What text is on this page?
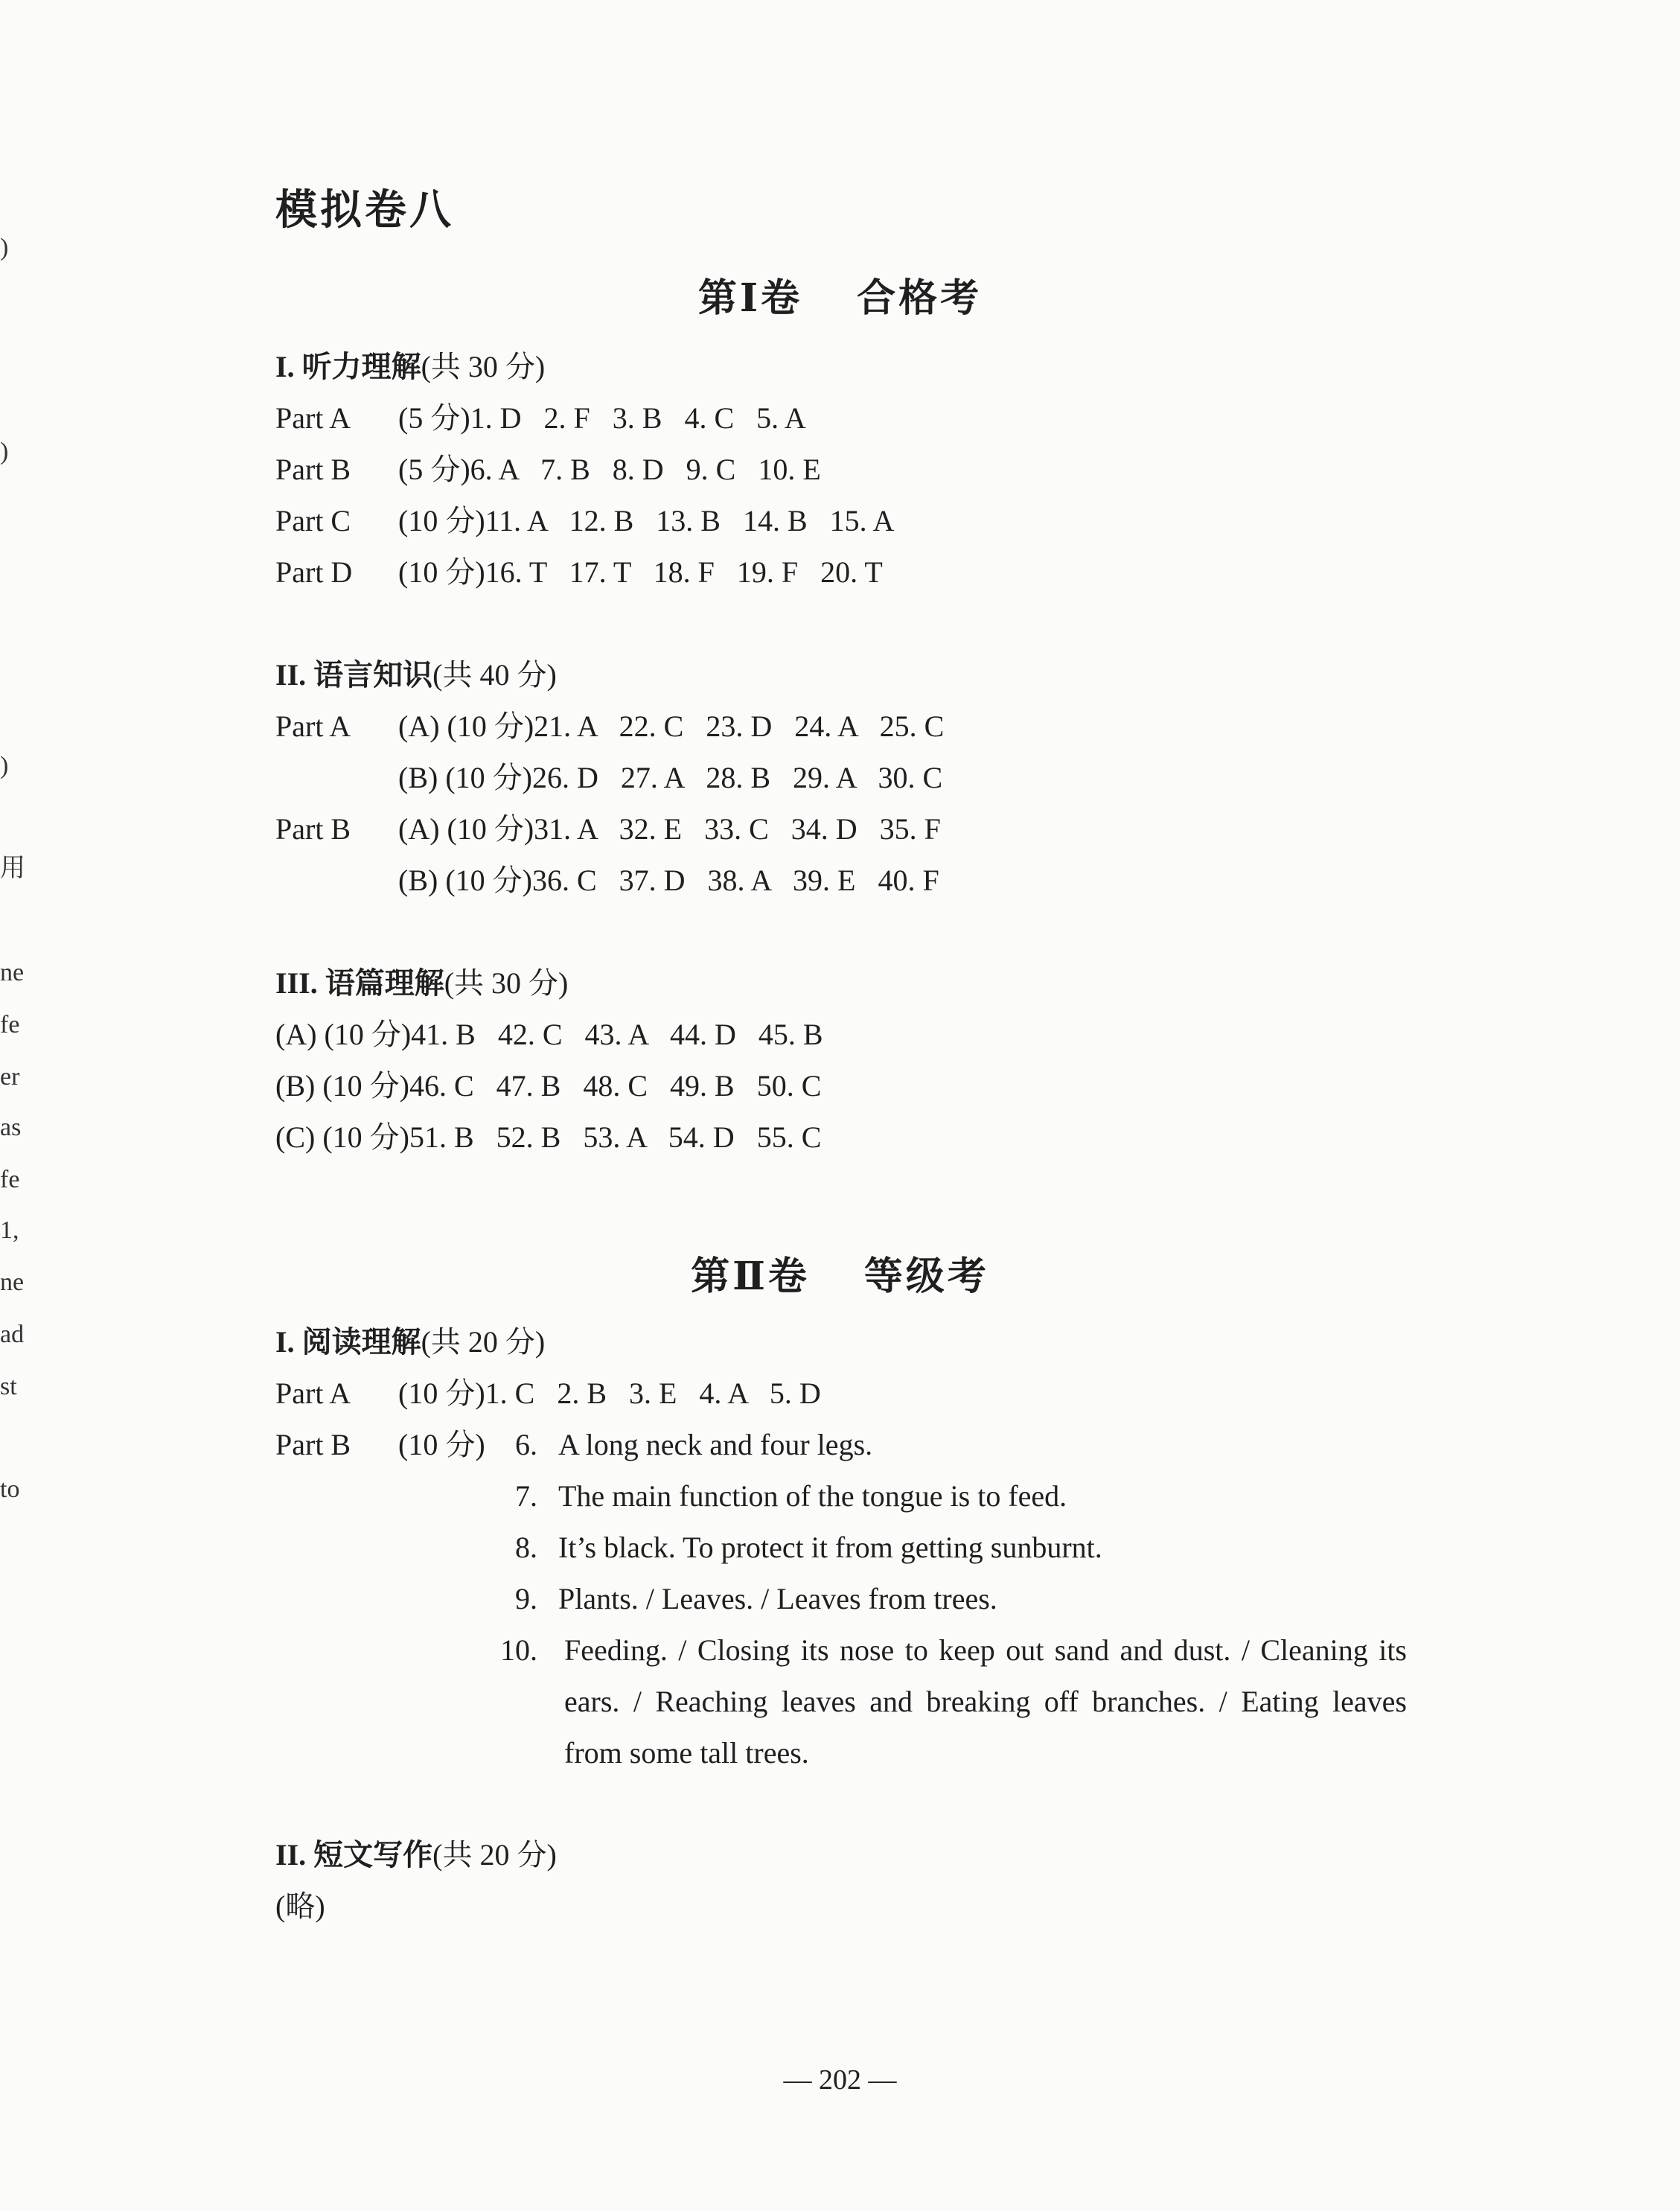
)
)
)
用
ne
fe
er
as
fe
1,
ne
ad
st
to
模拟卷八
第Ⅰ卷  合格考
I. 听力理解(共 30 分)
Part A (5 分)1. D   2. F   3. B   4. C   5. A
Part B (5 分)6. A   7. B   8. D   9. C   10. E
Part C (10 分)11. A   12. B   13. B   14. B   15. A
Part D (10 分)16. T   17. T   18. F   19. F   20. T
II. 语言知识(共 40 分)
Part A (A) (10 分)21. A   22. C   23. D   24. A   25. C
(B) (10 分)26. D   27. A   28. B   29. A   30. C
Part B (A) (10 分)31. A   32. E   33. C   34. D   35. F
(B) (10 分)36. C   37. D   38. A   39. E   40. F
III. 语篇理解(共 30 分)
(A) (10 分)41. B   42. C   43. A   44. D   45. B
(B) (10 分)46. C   47. B   48. C   49. B   50. C
(C) (10 分)51. B   52. B   53. A   54. D   55. C
第Ⅱ卷  等级考
I. 阅读理解(共 20 分)
Part A (10 分)1. C   2. B   3. E   4. A   5. D
Part B (10 分)	6. A long neck and four legs.
7. The main function of the tongue is to feed.
8. It’s black. To protect it from getting sunburnt.
9. Plants. / Leaves. / Leaves from trees.
10. Feeding. / Closing its nose to keep out sand and dust. / Cleaning its ears. / Reaching leaves and breaking off branches. / Eating leaves from some tall trees.
II. 短文写作(共 20 分)
(略)
— 202 —
